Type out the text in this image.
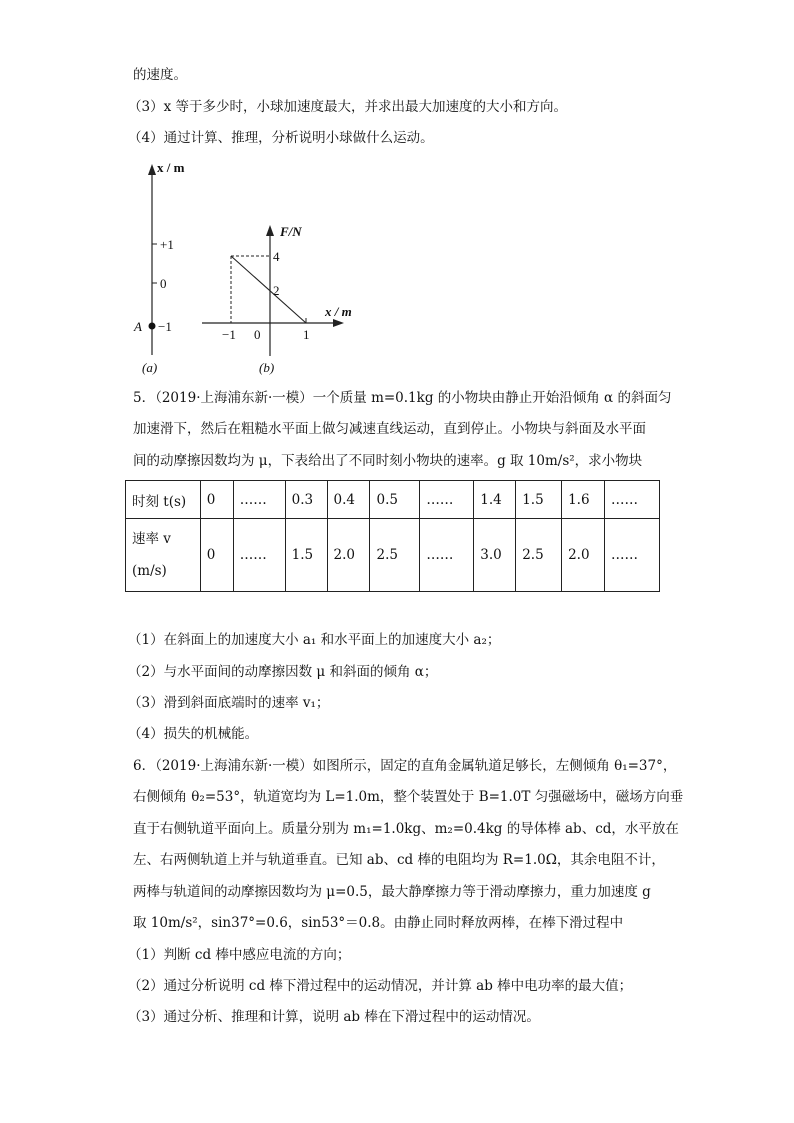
的速度。
（3）x 等于多少时，小球加速度最大，并求出最大加速度的大小和方向。
（4）通过计算、推理，分析说明小球做什么运动。
x / m
+1
0
A −1
(a)
F/N
x / m
4
2
−1 0	1
(b)
5．（2019·上海浦东新·一模）一个质量 m=0.1kg 的小物块由静止开始沿倾角 α 的斜面匀
加速滑下，然后在粗糙水平面上做匀减速直线运动，直到停止。小物块与斜面及水平面
间的动摩擦因数均为 μ，下表给出了不同时刻小物块的速率。g 取 10m/s²，求小物块
时刻 t(s)	0	……	0.3	0.4	0.5	……	1.4	1.5	1.6	……

速率 v
(m/s)	0	……	1.5	2.0	2.5	……	3.0	2.5	2.0	……
（1）在斜面上的加速度大小 a₁ 和水平面上的加速度大小 a₂；
（2）与水平面间的动摩擦因数 μ 和斜面的倾角 α；
（3）滑到斜面底端时的速率 v₁；
（4）损失的机械能。
6．（2019·上海浦东新·一模）如图所示，固定的直角金属轨道足够长，左侧倾角 θ₁=37°，
右侧倾角 θ₂=53°，轨道宽均为 L=1.0m，整个装置处于 B=1.0T 匀强磁场中，磁场方向垂
直于右侧轨道平面向上。质量分别为 m₁=1.0kg、m₂=0.4kg 的导体棒 ab、cd，水平放在
左、右两侧轨道上并与轨道垂直。已知 ab、cd 棒的电阻均为 R=1.0Ω，其余电阻不计，
两棒与轨道间的动摩擦因数均为 μ=0.5，最大静摩擦力等于滑动摩擦力，重力加速度 g
取 10m/s²，sin37°=0.6，sin53°＝0.8。由静止同时释放两棒，在棒下滑过程中
（1）判断 cd 棒中感应电流的方向；
（2）通过分析说明 cd 棒下滑过程中的运动情况，并计算 ab 棒中电功率的最大值；
（3）通过分析、推理和计算，说明 ab 棒在下滑过程中的运动情况。
